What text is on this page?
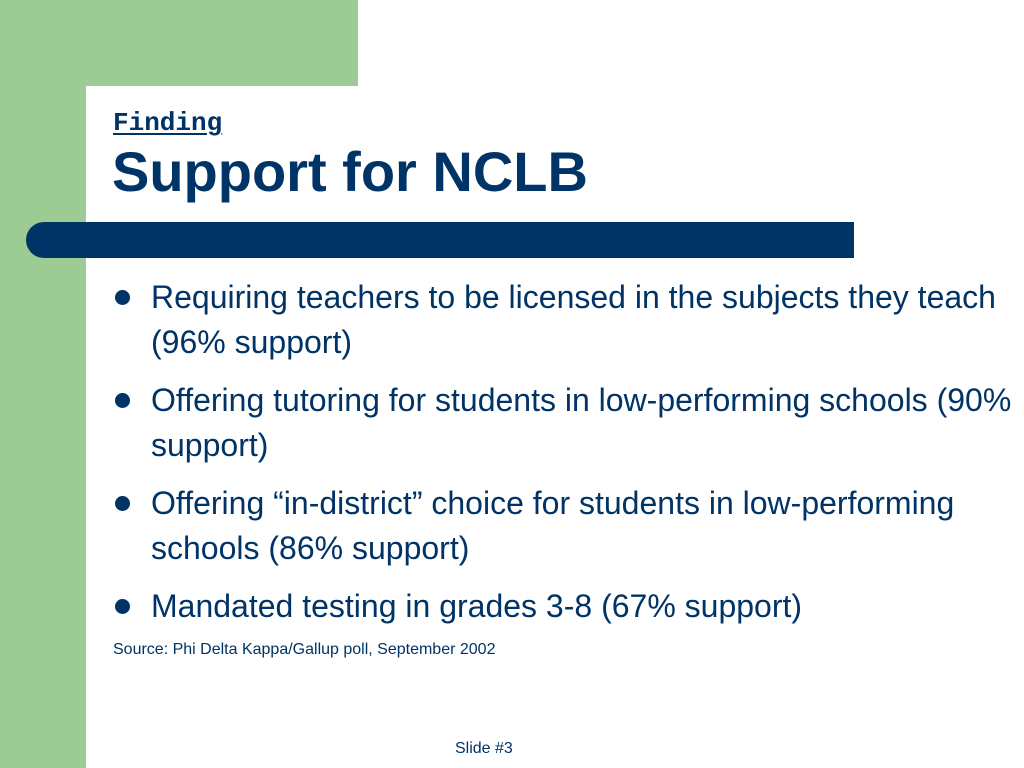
Finding
Support for NCLB
Requiring teachers to be licensed in the subjects they teach (96% support)
Offering tutoring for students in low-performing schools (90% support)
Offering “in-district” choice for students in low-performing schools (86% support)
Mandated testing in grades 3-8 (67% support)
Source: Phi Delta Kappa/Gallup poll, September 2002
Slide #3
